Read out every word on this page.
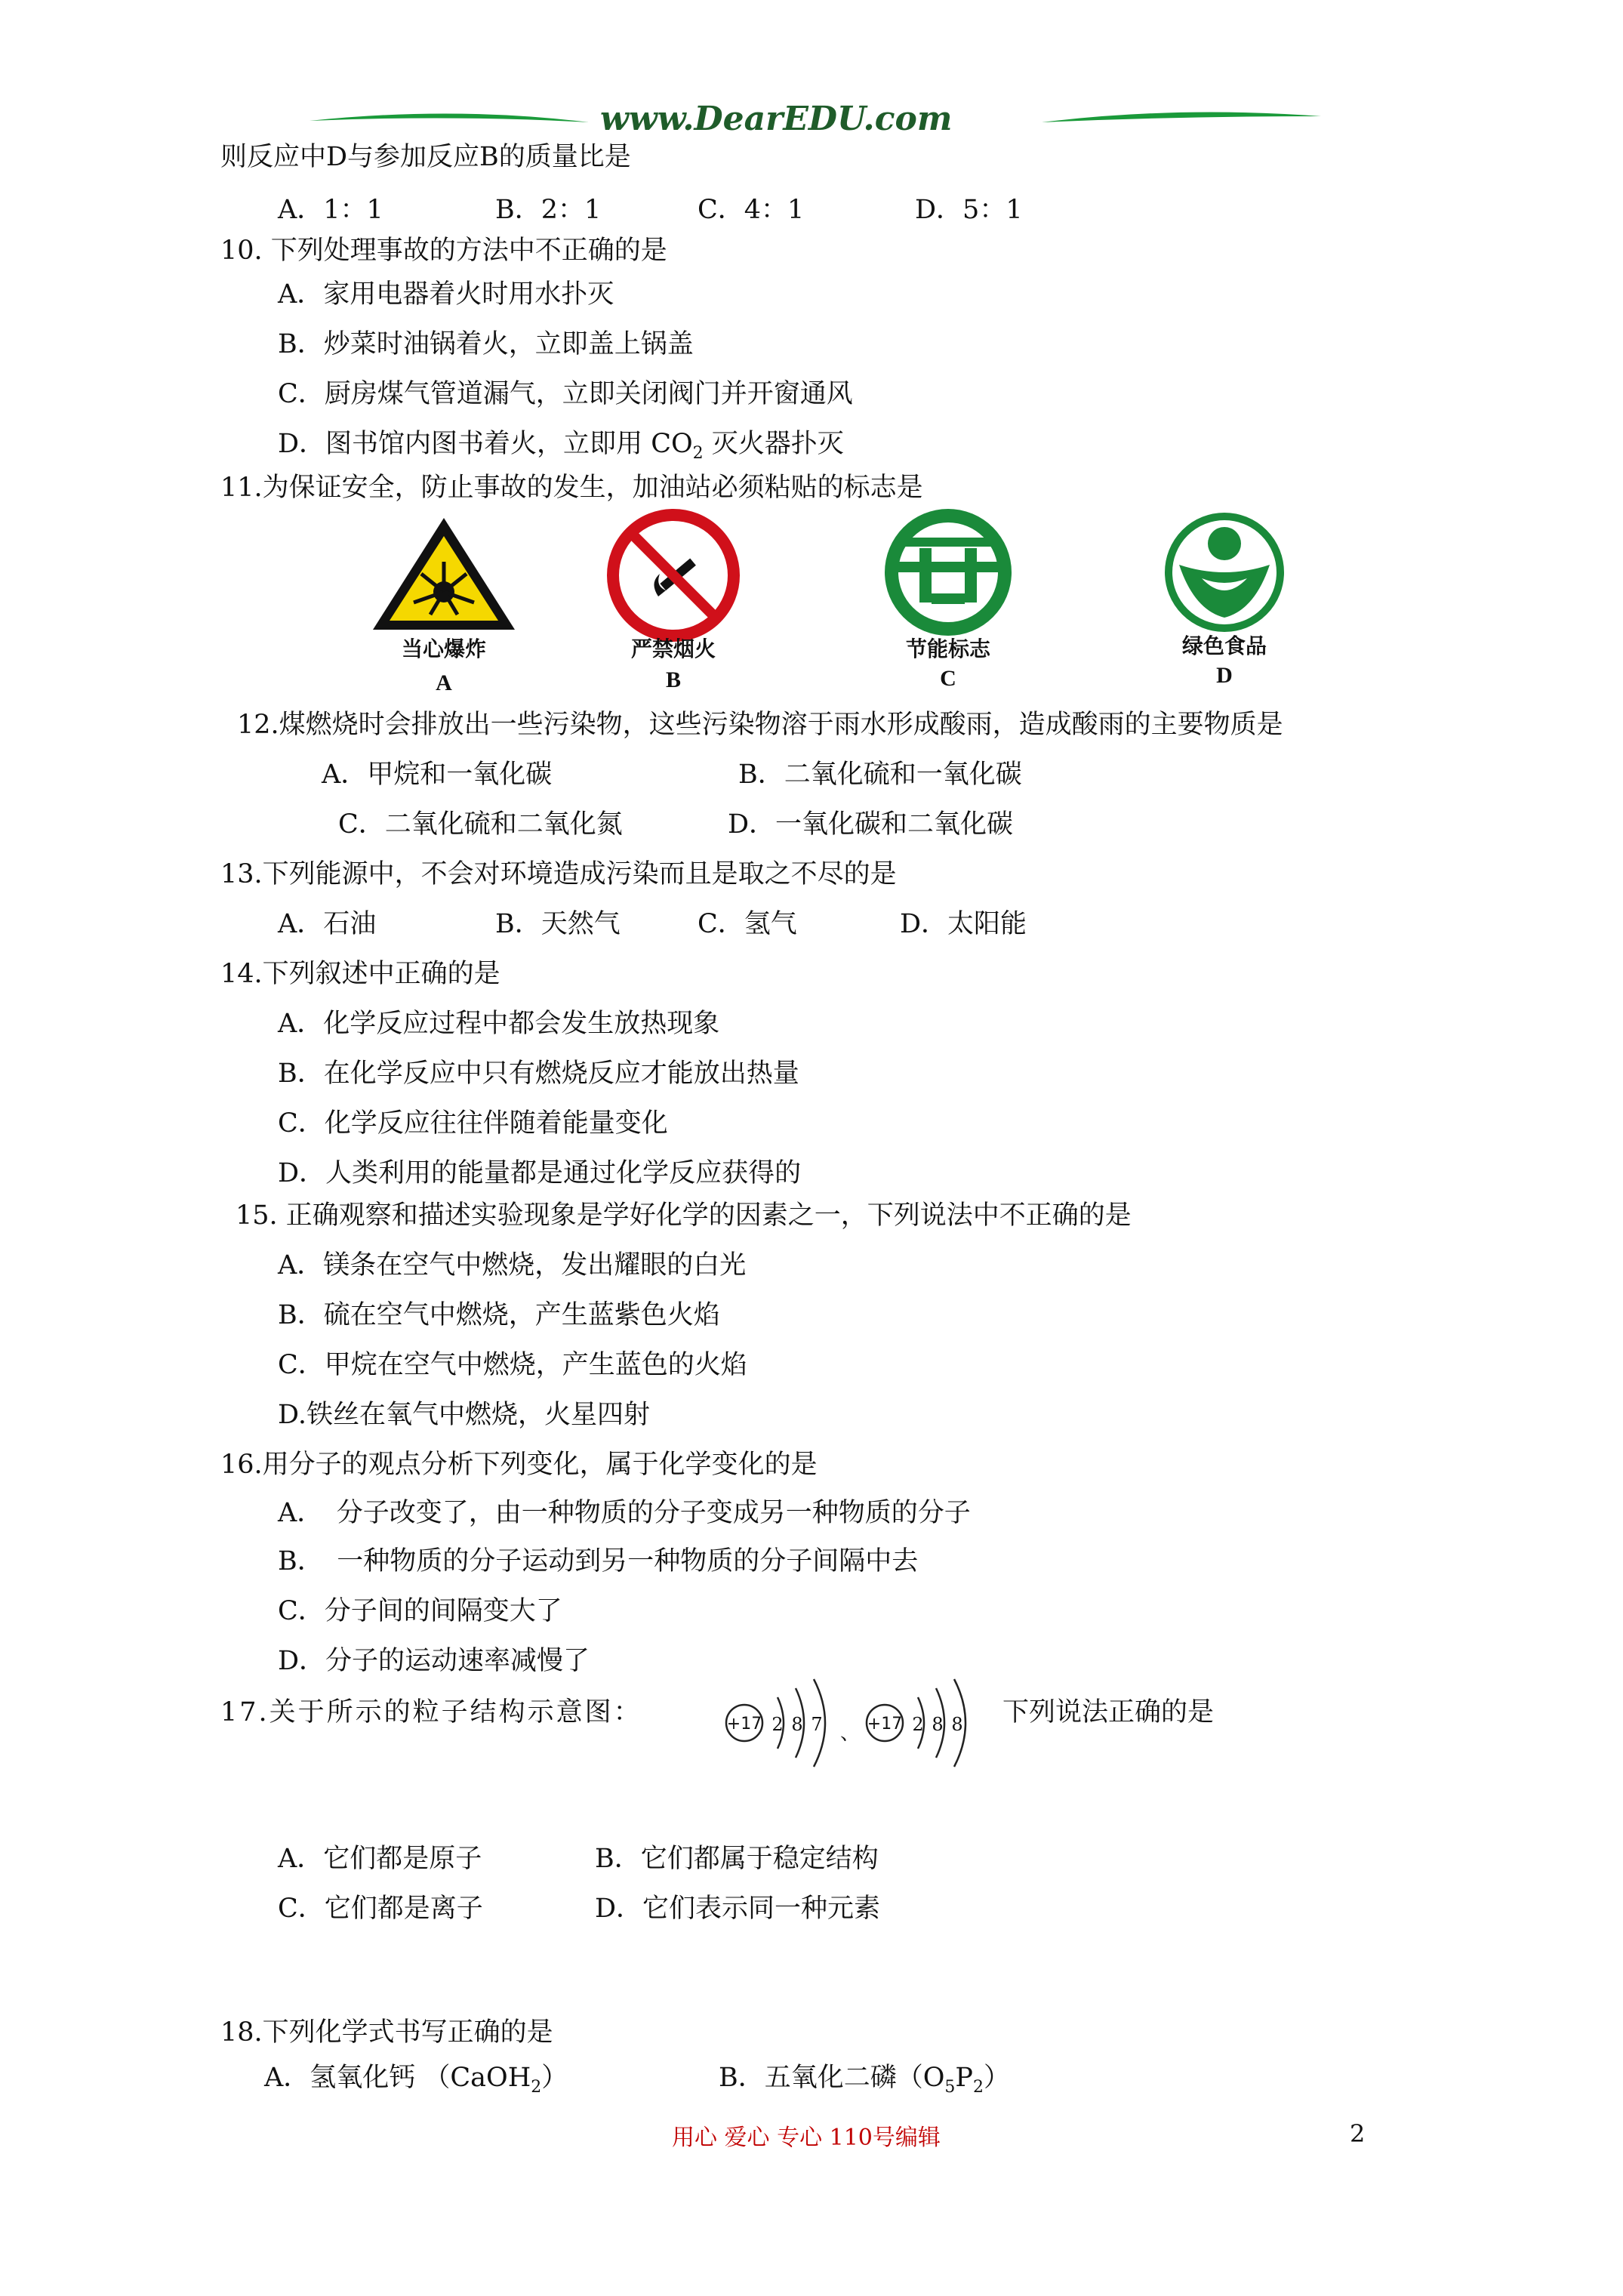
www.DearEDU.com
则反应中D与参加反应B的质量比是
A．1：1	B．2：1	C．4：1	D．5：1
10. 下列处理事故的方法中不正确的是
A．家用电器着火时用水扑灭
B．炒菜时油锅着火，立即盖上锅盖
C．厨房煤气管道漏气，立即关闭阀门并开窗通风
D．图书馆内图书着火，立即用 $CO_2$ 灭火器扑灭
11.为保证安全，防止事故的发生，加油站必须粘贴的标志是
当心爆炸
A
严禁烟火
B
节能标志
C
绿色食品
D
12.煤燃烧时会排放出一些污染物，这些污染物溶于雨水形成酸雨，造成酸雨的主要物质是
A．甲烷和一氧化碳	B．二氧化硫和一氧化碳
C．二氧化硫和二氧化氮	D．一氧化碳和二氧化碳
13.下列能源中，不会对环境造成污染而且是取之不尽的是
A．石油	B．天然气	C．氢气	D．太阳能
14.下列叙述中正确的是
A．化学反应过程中都会发生放热现象
B．在化学反应中只有燃烧反应才能放出热量
C．化学反应往往伴随着能量变化
D．人类利用的能量都是通过化学反应获得的
15. 正确观察和描述实验现象是学好化学的因素之一，下列说法中不正确的是
A．镁条在空气中燃烧，发出耀眼的白光
B．硫在空气中燃烧，产生蓝紫色火焰
C．甲烷在空气中燃烧，产生蓝色的火焰
D.铁丝在氧气中燃烧，火星四射
16.用分子的观点分析下列变化，属于化学变化的是
A．　分子改变了，由一种物质的分子变成另一种物质的分子
B．　一种物质的分子运动到另一种物质的分子间隔中去
C．分子间的间隔变大了
D．分子的运动速率减慢了
17.关于所示的粒子结构示意图：	下列说法正确的是
+17 2 8 7 、 +17 2 8 8
A．它们都是原子	B．它们都属于稳定结构
C．它们都是离子	D．它们表示同一种元素
18.下列化学式书写正确的是
A．氢氧化钙 （CaOH$_2$）	B．五氧化二磷$(O_5P_2)$
用心 爱心 专心 110号编辑	2
